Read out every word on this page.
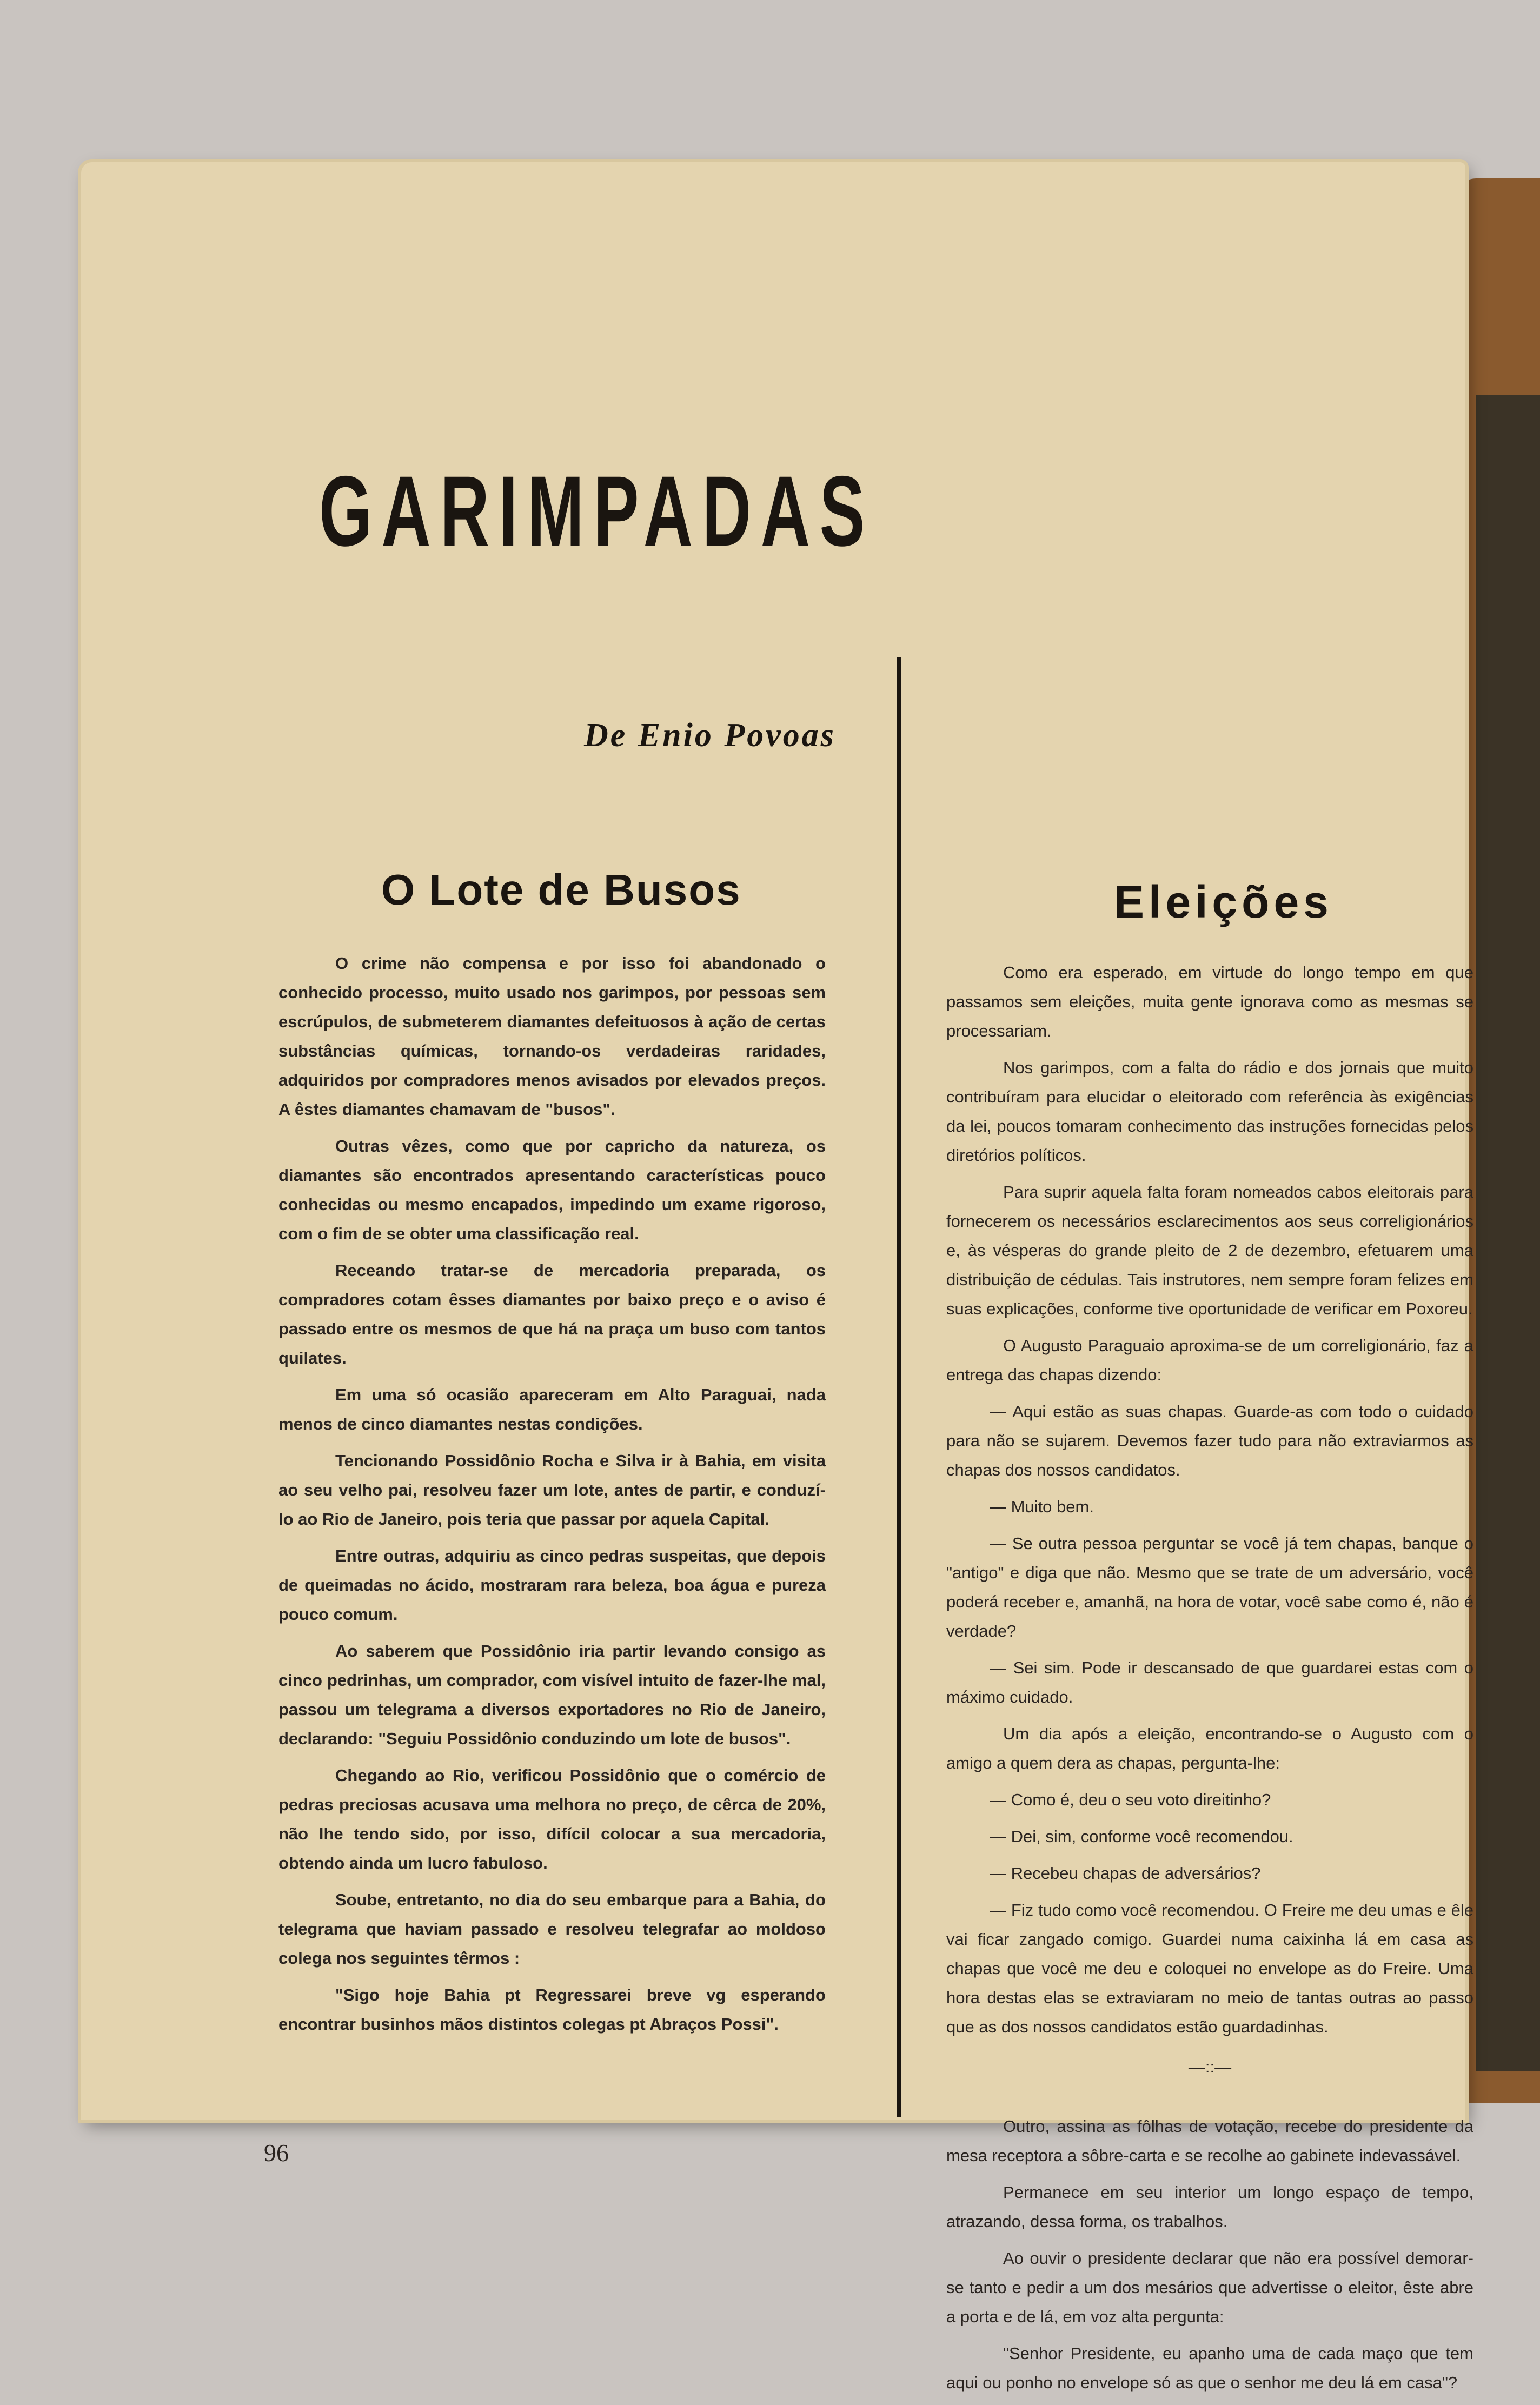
GARIMPADAS

De Enio Povoas

O Lote de Busos	Eleições

O crime não compensa e por isso foi abandonado o conhecido processo, muito usado nos garimpos, por pessoas sem escrúpulos, de submeterem diamantes defeituosos à ação de certas substâncias químicas, tornando-os verdadeiras raridades, adquiridos por compradores menos avisados por elevados preços. A êstes diamantes chamavam de "busos".

Outras vêzes, como que por capricho da natureza, os diamantes são encontrados apresentando características pouco conhecidas ou mesmo encapados, impedindo um exame rigoroso, com o fim de se obter uma classificação real.

Receando tratar-se de mercadoria preparada, os compradores cotam êsses diamantes por baixo preço e o aviso é passado entre os mesmos de que há na praça um buso com tantos quilates.

Em uma só ocasião apareceram em Alto Paraguai, nada menos de cinco diamantes nestas condições.

Tencionando Possidônio Rocha e Silva ir à Bahia, em visita ao seu velho pai, resolveu fazer um lote, antes de partir, e conduzí-lo ao Rio de Janeiro, pois teria que passar por aquela Capital.

Entre outras, adquiriu as cinco pedras suspeitas, que depois de queimadas no ácido, mostraram rara beleza, boa água e pureza pouco comum.

Ao saberem que Possidônio iria partir levando consigo as cinco pedrinhas, um comprador, com visível intuito de fazer-lhe mal, passou um telegrama a diversos exportadores no Rio de Janeiro, declarando: "Seguiu Possidônio conduzindo um lote de busos".

Chegando ao Rio, verificou Possidônio que o comércio de pedras preciosas acusava uma melhora no preço, de cêrca de 20%, não lhe tendo sido, por isso, difícil colocar a sua mercadoria, obtendo ainda um lucro fabuloso.

Soube, entretanto, no dia do seu embarque para a Bahia, do telegrama que haviam passado e resolveu telegrafar ao moldoso colega nos seguintes têrmos :

"Sigo hoje Bahia pt Regressarei breve vg esperando encontrar businhos mãos distintos colegas pt Abraços Possi".

Como era esperado, em virtude do longo tempo em que passamos sem eleições, muita gente ignorava como as mesmas se processariam.

Nos garimpos, com a falta do rádio e dos jornais que muito contribuíram para elucidar o eleitorado com referência às exigências da lei, poucos tomaram conhecimento das instruções fornecidas pelos diretórios políticos.

Para suprir aquela falta foram nomeados cabos eleitorais para fornecerem os necessários esclarecimentos aos seus correligionários e, às vésperas do grande pleito de 2 de dezembro, efetuarem uma distribuição de cédulas. Tais instrutores, nem sempre foram felizes em suas explicações, conforme tive oportunidade de verificar em Poxoreu.

O Augusto Paraguaio aproxima-se de um correligionário, faz a entrega das chapas dizendo:

— Aqui estão as suas chapas. Guarde-as com todo o cuidado para não se sujarem. Devemos fazer tudo para não extraviarmos as chapas dos nossos candidatos.

— Muito bem.

— Se outra pessoa perguntar se você já tem chapas, banque o "antigo" e diga que não. Mesmo que se trate de um adversário, você poderá receber e, amanhã, na hora de votar, você sabe como é, não é verdade?

— Sei sim. Pode ir descansado de que guardarei estas com o máximo cuidado.

Um dia após a eleição, encontrando-se o Augusto com o amigo a quem dera as chapas, pergunta-lhe:

— Como é, deu o seu voto direitinho?

— Dei, sim, conforme você recomendou.

— Recebeu chapas de adversários?

— Fiz tudo como você recomendou. O Freire me deu umas e êle vai ficar zangado comigo. Guardei numa caixinha lá em casa as chapas que você me deu e coloquei no envelope as do Freire. Uma hora destas elas se extraviaram no meio de tantas outras ao passo que as dos nossos candidatos estão guardadinhas.

—::—

Outro, assina as fôlhas de votação, recebe do presidente da mesa receptora a sôbre-carta e se recolhe ao gabinete indevassável.

Permanece em seu interior um longo espaço de tempo, atrazando, dessa forma, os trabalhos.

Ao ouvir o presidente declarar que não era possível demorar-se tanto e pedir a um dos mesários que advertisse o eleitor, êste abre a porta e de lá, em voz alta pergunta:

"Senhor Presidente, eu apanho uma de cada maço que tem aqui ou ponho no envelope só as que o senhor me deu lá em casa"?

96
